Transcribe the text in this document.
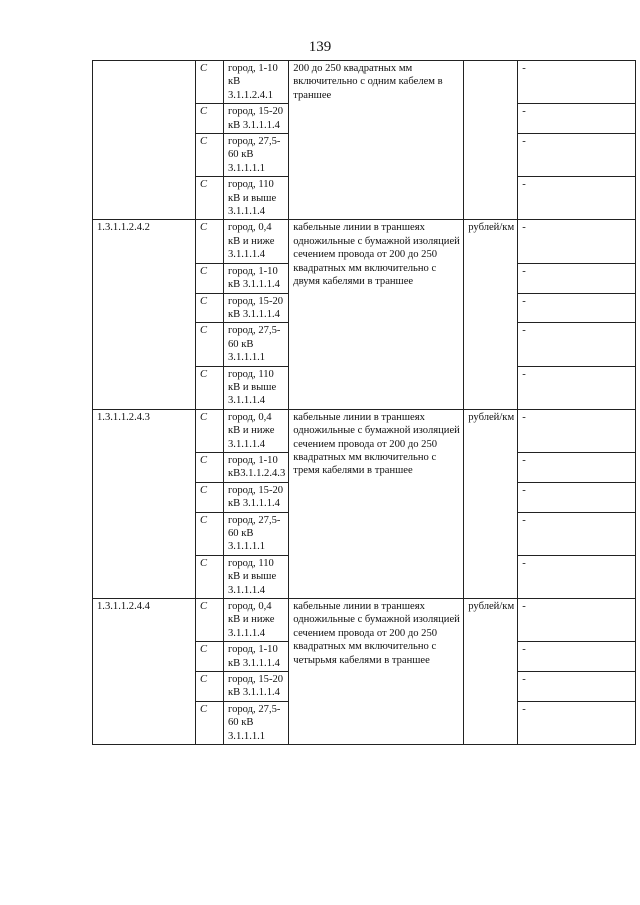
139
	С	город, 1-10 кВ 3.1.1.2.4.1	200 до 250 квадратных мм включительно с одним кабелем в траншее		-
	С	город, 15-20 кВ 3.1.1.1.4			-
	С	город, 27,5-60 кВ 3.1.1.1.1			-
	С	город, 110 кВ и выше 3.1.1.1.4			-
1.3.1.1.2.4.2	С	город, 0,4 кВ и ниже 3.1.1.1.4	кабельные линии в траншеях одножильные с бумажной изоляцией сечением провода от 200 до 250 квадратных мм включительно с двумя кабелями в траншее	рублей/км	-
	С	город, 1-10 кВ 3.1.1.1.4			-
	С	город, 15-20 кВ 3.1.1.1.4			-
	С	город, 27,5-60 кВ 3.1.1.1.1			-
	С	город, 110 кВ и выше 3.1.1.1.4			-
1.3.1.1.2.4.3	С	город, 0,4 кВ и ниже 3.1.1.1.4	кабельные линии в траншеях одножильные с бумажной изоляцией сечением провода от 200 до 250 квадратных мм включительно с тремя кабелями в траншее	рублей/км	-
	С	город, 1-10 кВ3.1.1.2.4.3			-
	С	город, 15-20 кВ 3.1.1.1.4			-
	С	город, 27,5-60 кВ 3.1.1.1.1			-
	С	город, 110 кВ и выше 3.1.1.1.4			-
1.3.1.1.2.4.4	С	город, 0,4 кВ и ниже 3.1.1.1.4	кабельные линии в траншеях одножильные с бумажной изоляцией сечением провода от 200 до 250 квадратных мм включительно с четырьмя кабелями в траншее	рублей/км	-
	С	город, 1-10 кВ 3.1.1.1.4			-
	С	город, 15-20 кВ 3.1.1.1.4			-
	С	город, 27,5-60 кВ 3.1.1.1.1			-
